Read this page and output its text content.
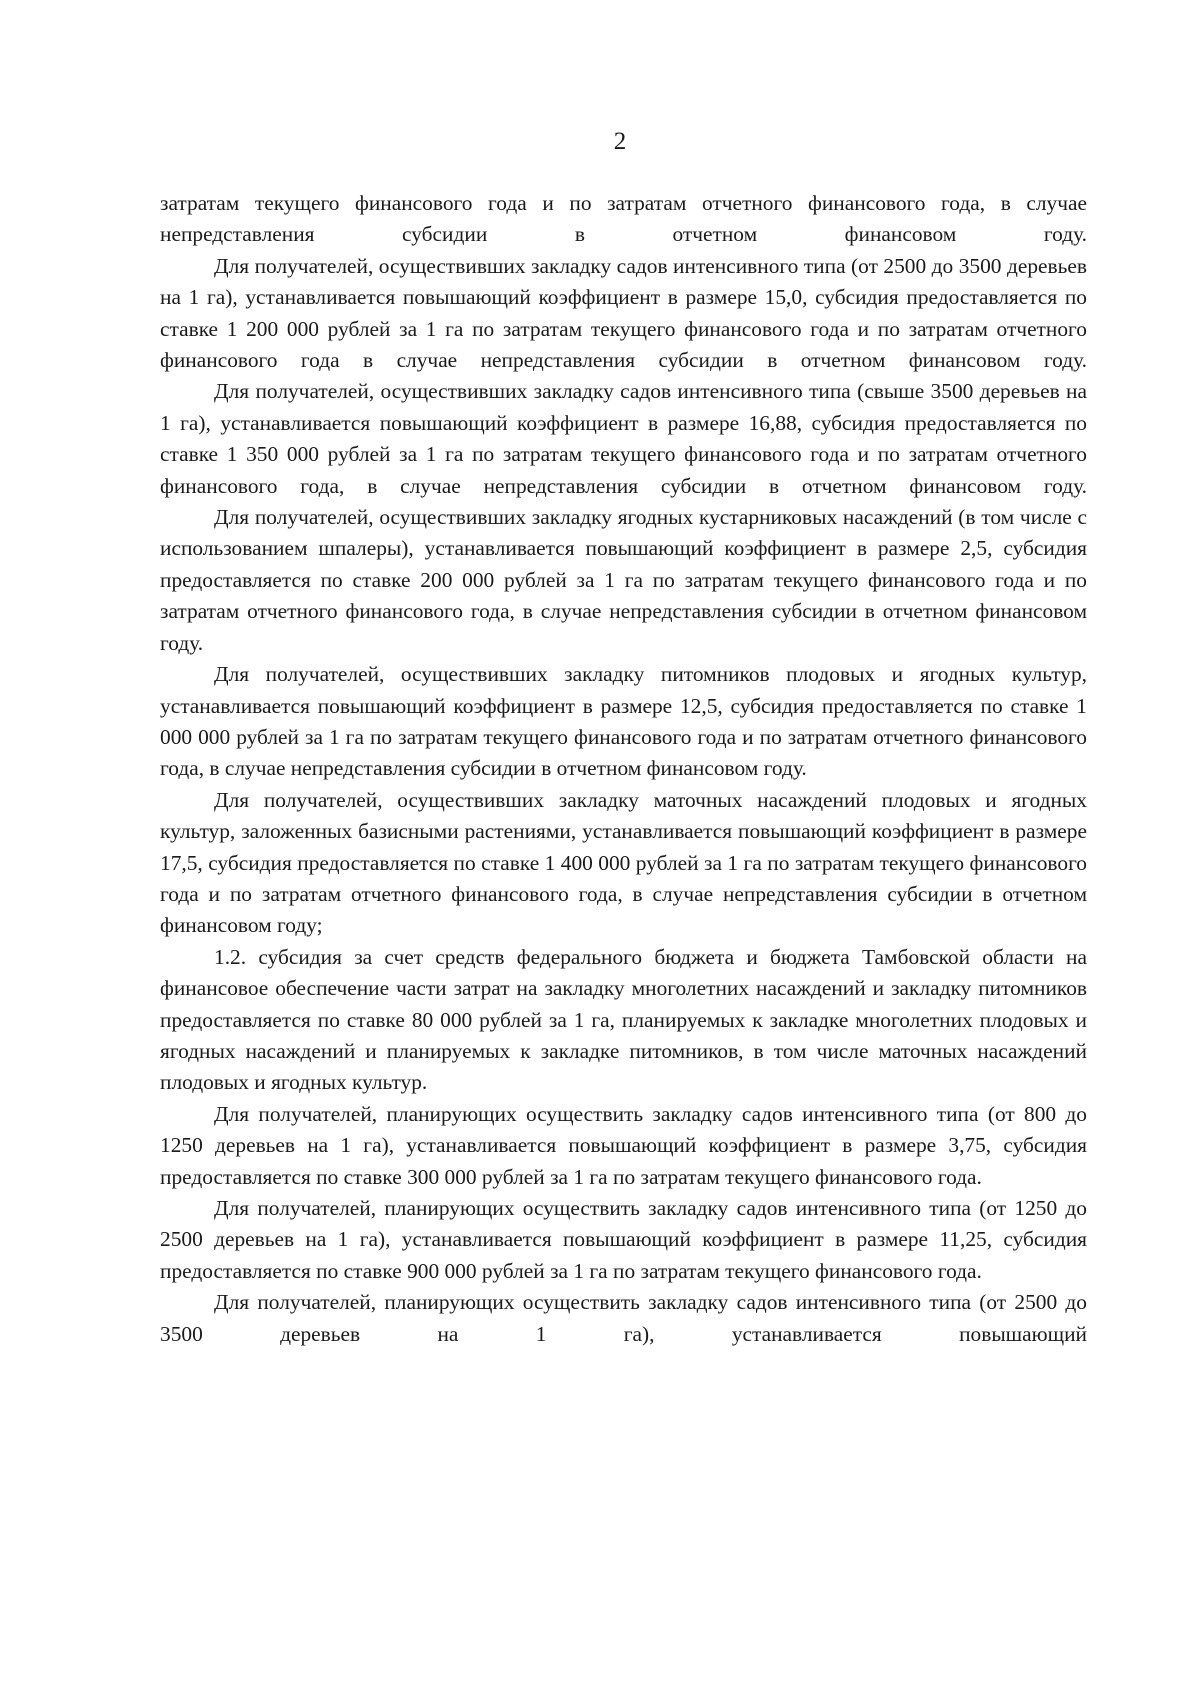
2

затратам текущего финансового года и по затратам отчетного финансового года, в случае непредставления субсидии в отчетном финансовом году.

Для получателей, осуществивших закладку садов интенсивного типа (от 2500 до 3500 деревьев на 1 га), устанавливается повышающий коэффициент в размере 15,0, субсидия предоставляется по ставке 1 200 000 рублей за 1 га по затратам текущего финансового года и по затратам отчетного финансового года в случае непредставления субсидии в отчетном финансовом году.

Для получателей, осуществивших закладку садов интенсивного типа (свыше 3500 деревьев на 1 га), устанавливается повышающий коэффициент в размере 16,88, субсидия предоставляется по ставке 1 350 000 рублей за 1 га по затратам текущего финансового года и по затратам отчетного финансового года, в случае непредставления субсидии в отчетном финансовом году.

Для получателей, осуществивших закладку ягодных кустарниковых насаждений (в том числе с использованием шпалеры), устанавливается повышающий коэффициент в размере 2,5, субсидия предоставляется по ставке 200 000 рублей за 1 га по затратам текущего финансового года и по затратам отчетного финансового года, в случае непредставления субсидии в отчетном финансовом году.

Для получателей, осуществивших закладку питомников плодовых и ягодных культур, устанавливается повышающий коэффициент в размере 12,5, субсидия предоставляется по ставке 1 000 000 рублей за 1 га по затратам текущего финансового года и по затратам отчетного финансового года, в случае непредставления субсидии в отчетном финансовом году.

Для получателей, осуществивших закладку маточных насаждений плодовых и ягодных культур, заложенных базисными растениями, устанавливается повышающий коэффициент в размере 17,5, субсидия предоставляется по ставке 1 400 000 рублей за 1 га по затратам текущего финансового года и по затратам отчетного финансового года, в случае непредставления субсидии в отчетном финансовом году;

1.2. субсидия за счет средств федерального бюджета и бюджета Тамбовской области на финансовое обеспечение части затрат на закладку многолетних насаждений и закладку питомников предоставляется по ставке 80 000 рублей за 1 га, планируемых к закладке многолетних плодовых и ягодных насаждений и планируемых к закладке питомников, в том числе маточных насаждений плодовых и ягодных культур.

Для получателей, планирующих осуществить закладку садов интенсивного типа (от 800 до 1250 деревьев на 1 га), устанавливается повышающий коэффициент в размере 3,75, субсидия предоставляется по ставке 300 000 рублей за 1 га по затратам текущего финансового года.

Для получателей, планирующих осуществить закладку садов интенсивного типа (от 1250 до 2500 деревьев на 1 га), устанавливается повышающий коэффициент в размере 11,25, субсидия предоставляется по ставке 900 000 рублей за 1 га по затратам текущего финансового года.

Для получателей, планирующих осуществить закладку садов интенсивного типа (от 2500 до 3500 деревьев на 1 га), устанавливается повышающий
